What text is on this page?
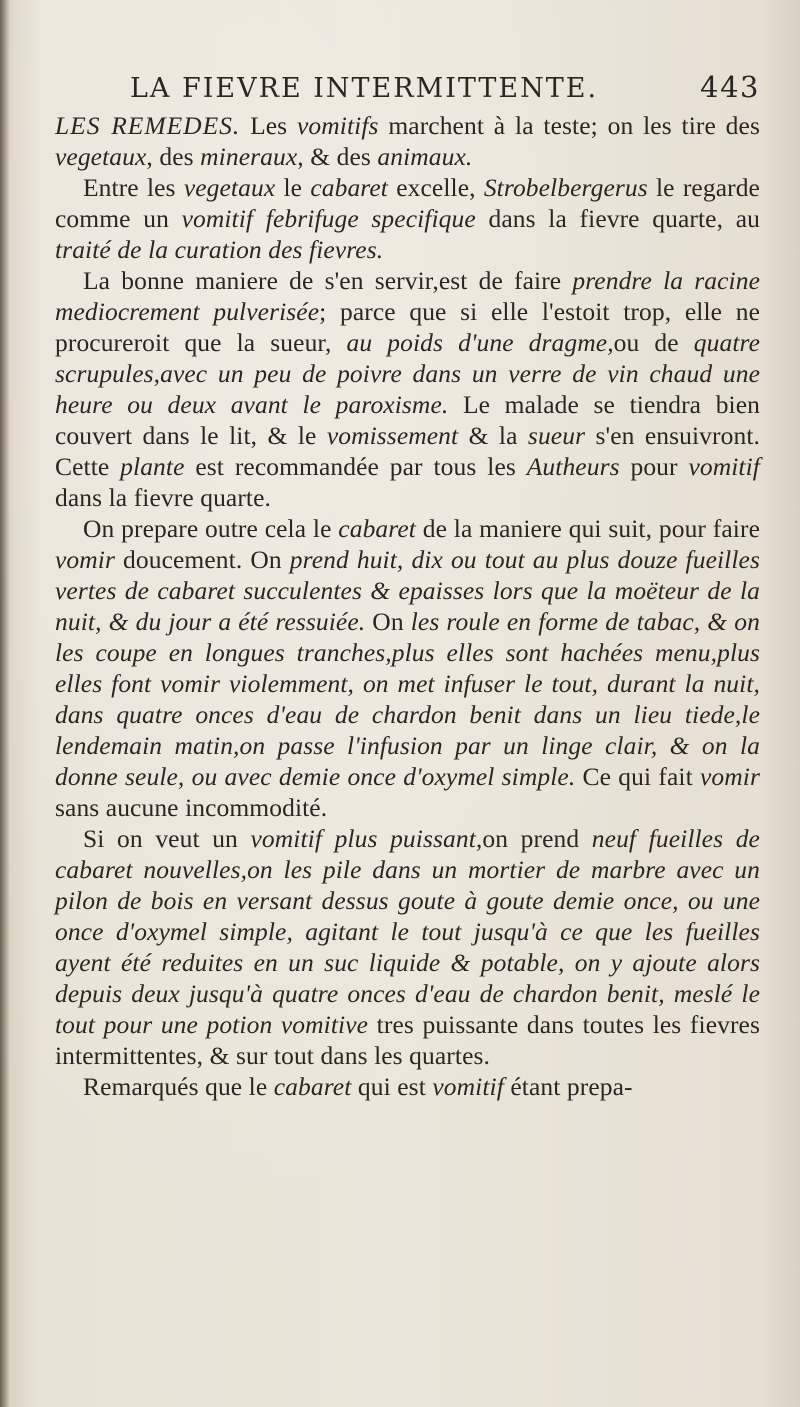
LA FIEVRE INTERMITTENTE.	443

LES REMEDES. Les vomitifs marchent à la teste; on les tire des vegetaux, des mineraux, & des animaux.

Entre les vegetaux le cabaret excelle, Strobelbergerus le regarde comme un vomitif febrifuge specifique dans la fievre quarte, au traité de la curation des fievres.

La bonne maniere de s'en servir,est de faire prendre la racine mediocrement pulverisée; parce que si elle l'estoit trop, elle ne procureroit que la sueur, au poids d'une dragme,ou de quatre scrupules,avec un peu de poivre dans un verre de vin chaud une heure ou deux avant le paroxisme. Le malade se tiendra bien couvert dans le lit, & le vomissement & la sueur s'en ensuivront. Cette plante est recommandée par tous les Autheurs pour vomitif dans la fievre quarte.

On prepare outre cela le cabaret de la maniere qui suit, pour faire vomir doucement. On prend huit, dix ou tout au plus douze fueilles vertes de cabaret succulentes & epaisses lors que la moëteur de la nuit, & du jour a été ressuiée. On les roule en forme de tabac, & on les coupe en longues tranches,plus elles sont hachées menu,plus elles font vomir violemment, on met infuser le tout, durant la nuit, dans quatre onces d'eau de chardon benit dans un lieu tiede,le lendemain matin,on passe l'infusion par un linge clair, & on la donne seule, ou avec demie once d'oxymel simple. Ce qui fait vomir sans aucune incommodité.

Si on veut un vomitif plus puissant,on prend neuf fueilles de cabaret nouvelles,on les pile dans un mortier de marbre avec un pilon de bois en versant dessus goute à goute demie once, ou une once d'oxymel simple, agitant le tout jusqu'à ce que les fueilles ayent été reduites en un suc liquide & potable, on y ajoute alors depuis deux jusqu'à quatre onces d'eau de chardon benit, meslé le tout pour une potion vomitive tres puissante dans toutes les fievres intermittentes, & sur tout dans les quartes.

Remarqués que le cabaret qui est vomitif étant prepa-
